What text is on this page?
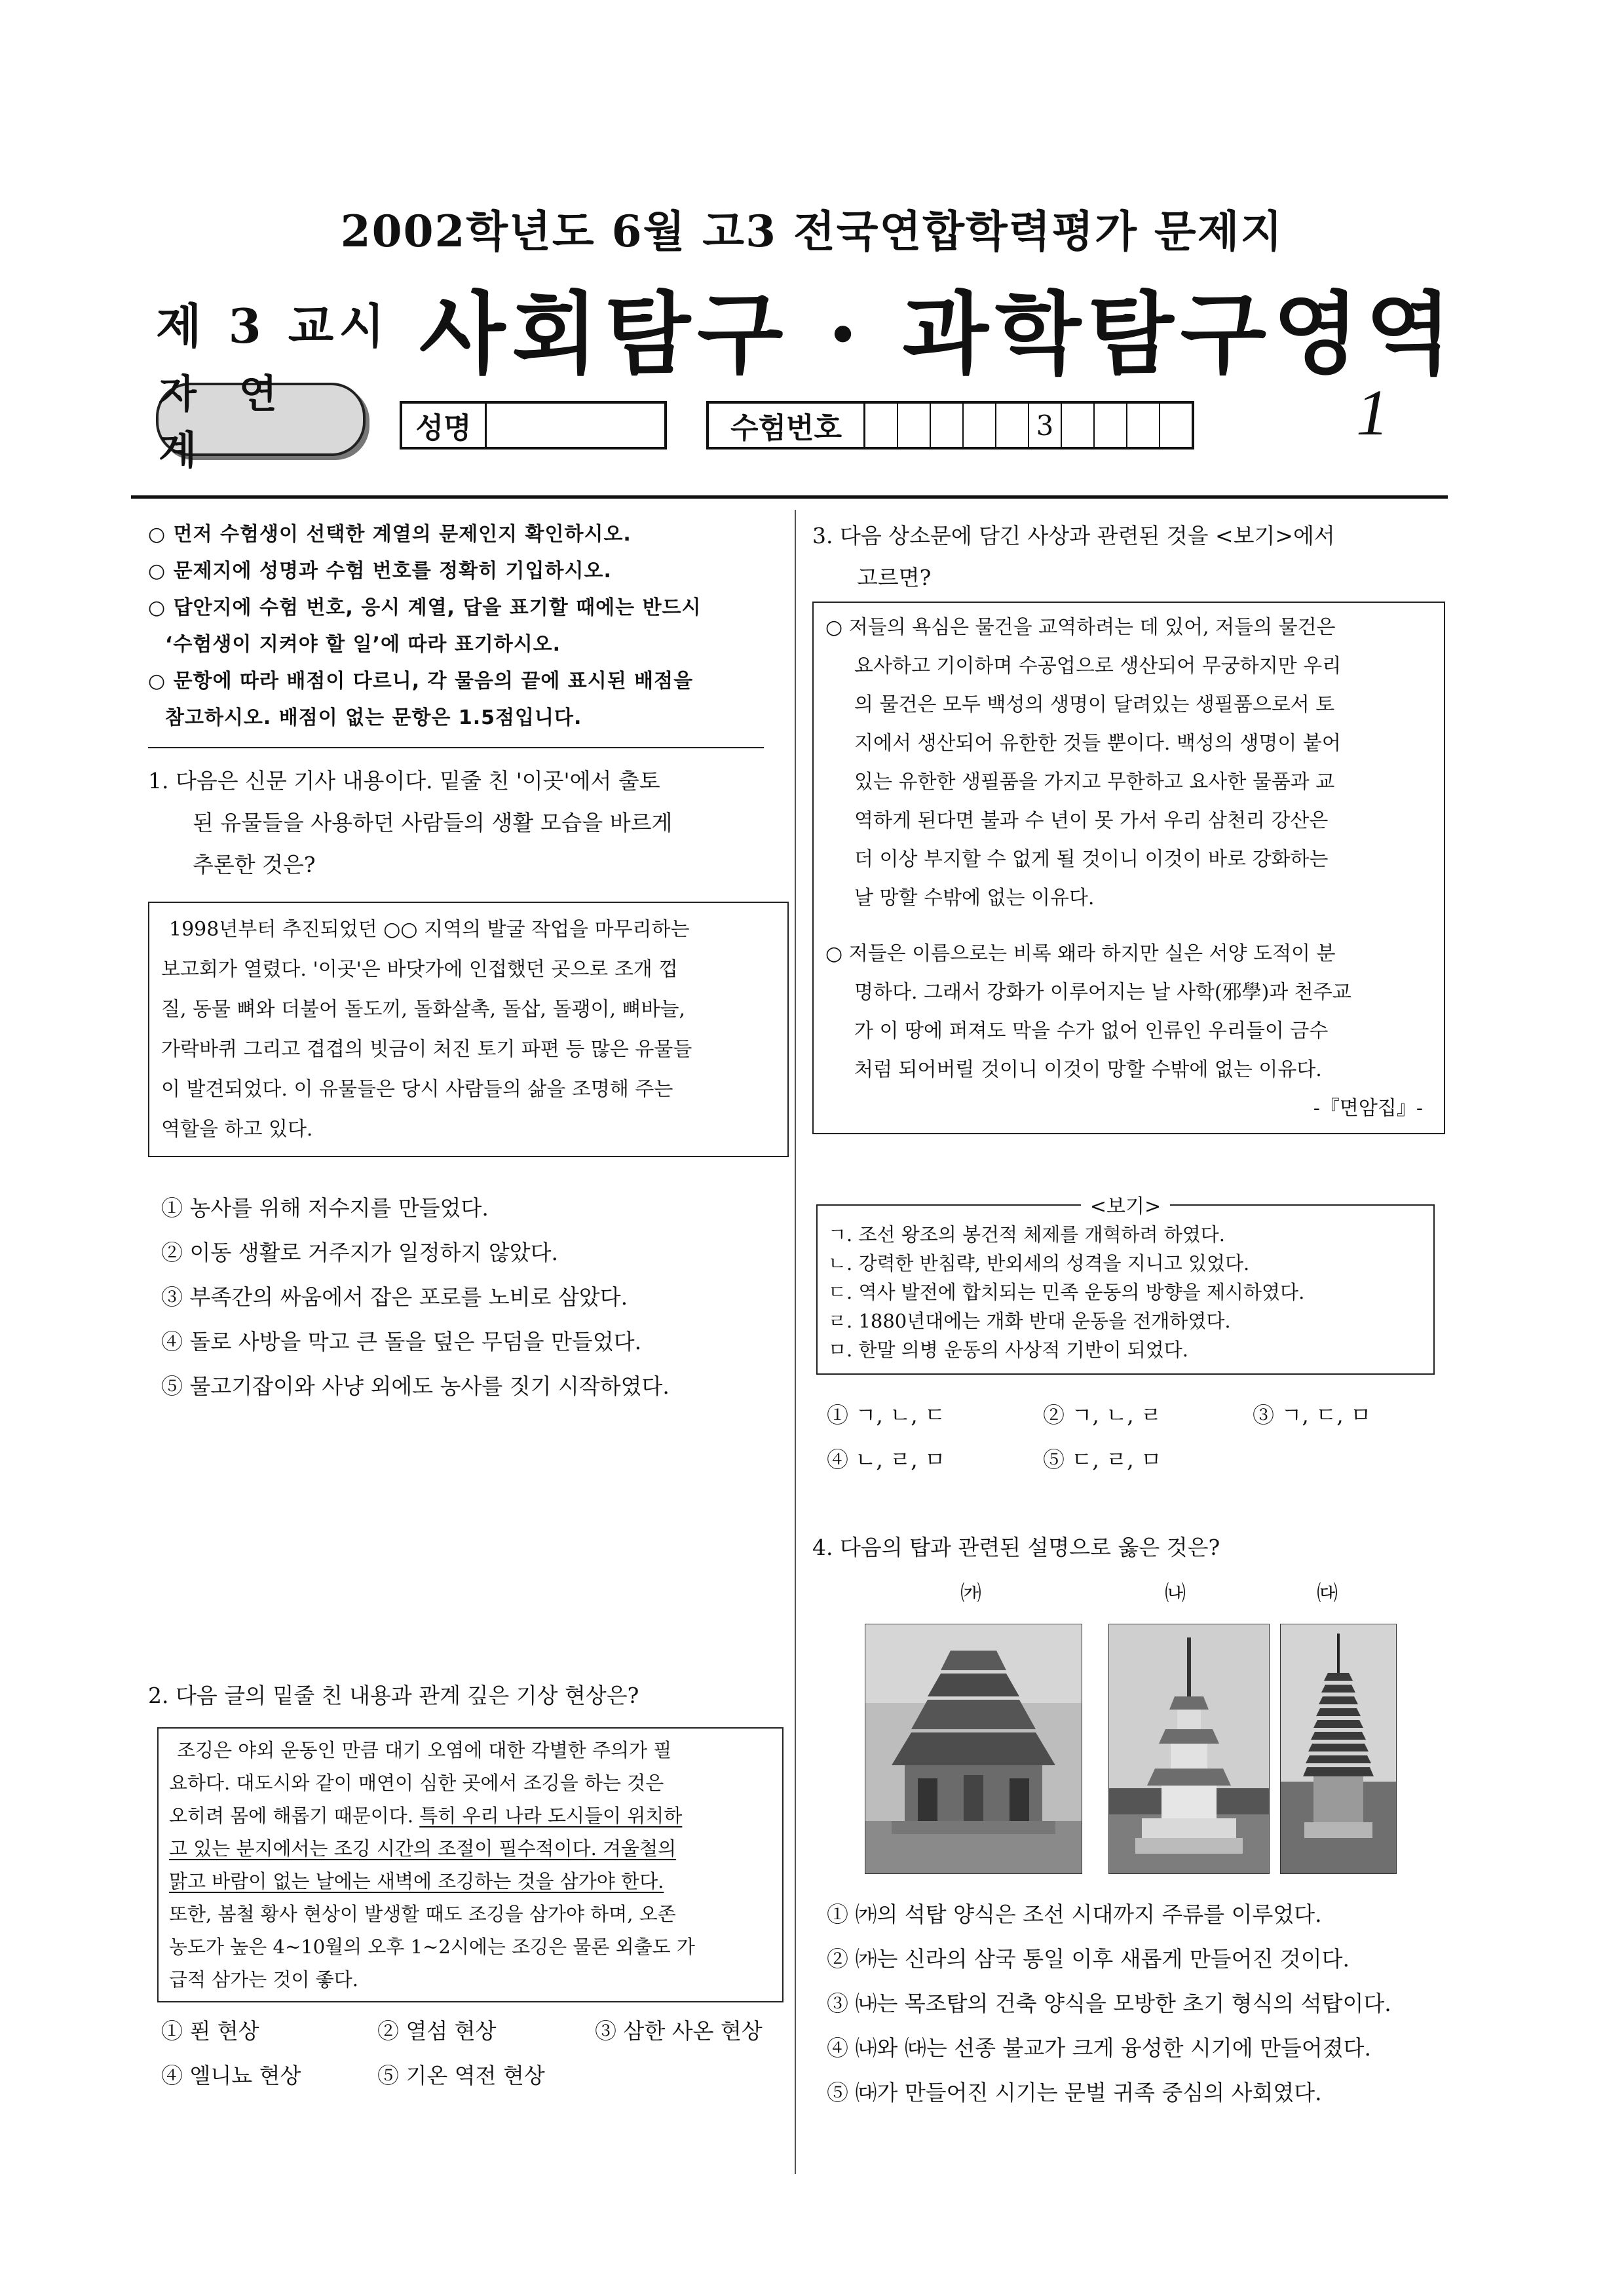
2002학년도 6월 고3 전국연합학력평가 문제지
제 3 교시 사회탐구 · 과학탐구영역
자 연 계	성명	수험번호	3	1
○ 먼저 수험생이 선택한 계열의 문제인지 확인하시오.
○ 문제지에 성명과 수험 번호를 정확히 기입하시오.
○ 답안지에 수험 번호, 응시 계열, 답을 표기할 때에는 반드시
‘수험생이 지켜야 할 일’에 따라 표기하시오.
○ 문항에 따라 배점이 다르니, 각 물음의 끝에 표시된 배점을
참고하시오. 배점이 없는 문항은 1.5점입니다.
1. 다음은 신문 기사 내용이다. 밑줄 친 '이곳'에서 출토
된 유물들을 사용하던 사람들의 생활 모습을 바르게
추론한 것은?
1998년부터 추진되었던 ○○ 지역의 발굴 작업을 마무리하는
보고회가 열렸다. '이곳'은 바닷가에 인접했던 곳으로 조개 껍
질, 동물 뼈와 더불어 돌도끼, 돌화살촉, 돌삽, 돌괭이, 뼈바늘,
가락바퀴 그리고 겹겹의 빗금이 처진 토기 파편 등 많은 유물들
이 발견되었다. 이 유물들은 당시 사람들의 삶을 조명해 주는
역할을 하고 있다.
① 농사를 위해 저수지를 만들었다.
② 이동 생활로 거주지가 일정하지 않았다.
③ 부족간의 싸움에서 잡은 포로를 노비로 삼았다.
④ 돌로 사방을 막고 큰 돌을 덮은 무덤을 만들었다.
⑤ 물고기잡이와 사냥 외에도 농사를 짓기 시작하였다.
2. 다음 글의 밑줄 친 내용과 관계 깊은 기상 현상은?
조깅은 야외 운동인 만큼 대기 오염에 대한 각별한 주의가 필
요하다. 대도시와 같이 매연이 심한 곳에서 조깅을 하는 것은
오히려 몸에 해롭기 때문이다. 특히 우리 나라 도시들이 위치하
고 있는 분지에서는 조깅 시간의 조절이 필수적이다. 겨울철의
맑고 바람이 없는 날에는 새벽에 조깅하는 것을 삼가야 한다.
또한, 봄철 황사 현상이 발생할 때도 조깅을 삼가야 하며, 오존
농도가 높은 4~10월의 오후 1~2시에는 조깅은 물론 외출도 가
급적 삼가는 것이 좋다.
① 푄 현상	② 열섬 현상	③ 삼한 사온 현상
④ 엘니뇨 현상	⑤ 기온 역전 현상
3. 다음 상소문에 담긴 사상과 관련된 것을 <보기>에서
고르면?
○ 저들의 욕심은 물건을 교역하려는 데 있어, 저들의 물건은
요사하고 기이하며 수공업으로 생산되어 무궁하지만 우리
의 물건은 모두 백성의 생명이 달려있는 생필품으로서 토
지에서 생산되어 유한한 것들 뿐이다. 백성의 생명이 붙어
있는 유한한 생필품을 가지고 무한하고 요사한 물품과 교
역하게 된다면 불과 수 년이 못 가서 우리 삼천리 강산은
더 이상 부지할 수 없게 될 것이니 이것이 바로 강화하는
날 망할 수밖에 없는 이유다.
○ 저들은 이름으로는 비록 왜라 하지만 실은 서양 도적이 분
명하다. 그래서 강화가 이루어지는 날 사학(邪學)과 천주교
가 이 땅에 퍼져도 막을 수가 없어 인류인 우리들이 금수
처럼 되어버릴 것이니 이것이 망할 수밖에 없는 이유다.
-『면암집』-
<보기>
ㄱ. 조선 왕조의 봉건적 체제를 개혁하려 하였다.
ㄴ. 강력한 반침략, 반외세의 성격을 지니고 있었다.
ㄷ. 역사 발전에 합치되는 민족 운동의 방향을 제시하였다.
ㄹ. 1880년대에는 개화 반대 운동을 전개하였다.
ㅁ. 한말 의병 운동의 사상적 기반이 되었다.
① ㄱ, ㄴ, ㄷ	② ㄱ, ㄴ, ㄹ	③ ㄱ, ㄷ, ㅁ
④ ㄴ, ㄹ, ㅁ	⑤ ㄷ, ㄹ, ㅁ
4. 다음의 탑과 관련된 설명으로 옳은 것은?
㈎	㈏	㈐
① ㈎의 석탑 양식은 조선 시대까지 주류를 이루었다.
② ㈎는 신라의 삼국 통일 이후 새롭게 만들어진 것이다.
③ ㈏는 목조탑의 건축 양식을 모방한 초기 형식의 석탑이다.
④ ㈏와 ㈐는 선종 불교가 크게 융성한 시기에 만들어졌다.
⑤ ㈐가 만들어진 시기는 문벌 귀족 중심의 사회였다.
